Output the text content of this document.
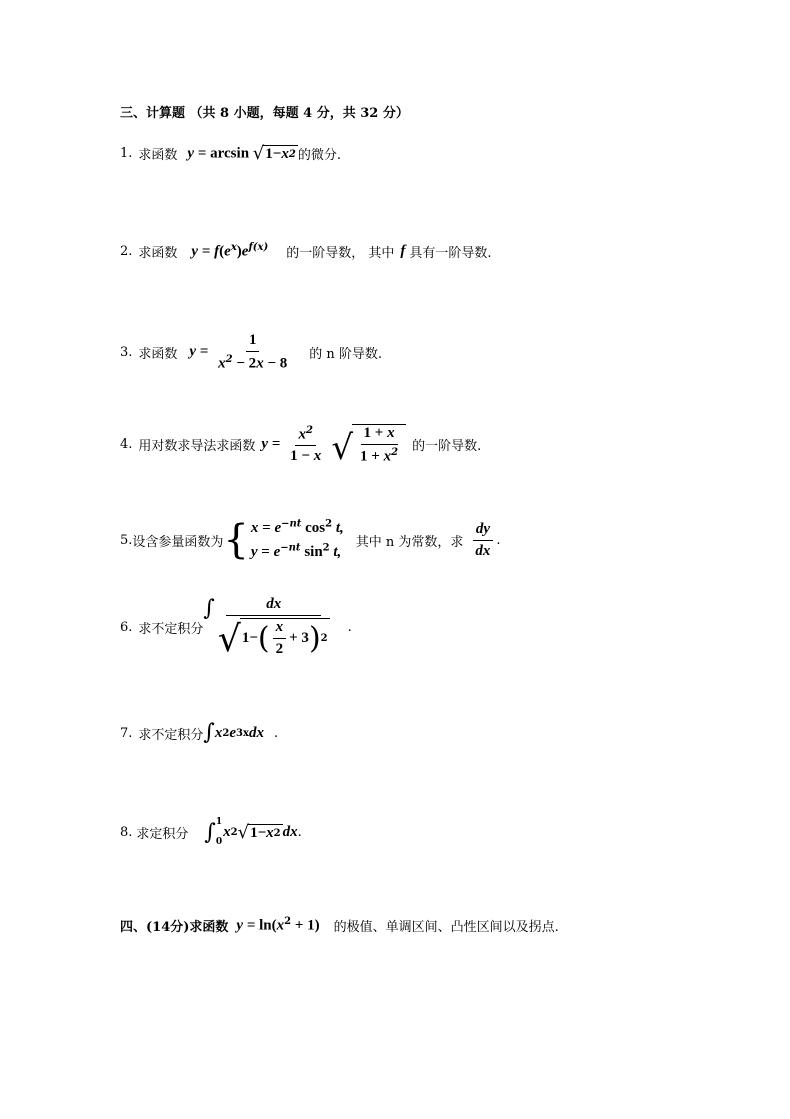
三、计算题 （共 8 小题，每题 4 分，共 32 分）
1. 求函数 y = arcsin √ 1− x 2 的微分.
2. 求函数 $y = f(e^x)e^{f(x)}$ 的一阶导数， 其中 f 具有一阶导数.
3. 求函数 $y = \frac{1}{x^2 - 2x - 8}$ 的 n 阶导数.
4. 用对数求导法求函数 $y = \frac{x^2}{1 - x}$
√ $\frac{1 + x}{1 + x^2}$ 的一阶导数.
5. 设含参量函数为 { $x = e^{-nt}$ $\cos^2 t$,
$y = e^{-nt}$ $\sin^2 t$,
其中 n 为常数，求 $\frac{dy}{dx}$ .
6. 求不定积分
∫	dx
√ 1− ( $\frac{x}{2} + 3$ ) 2
.
7. 求不定积分 ∫ x 2 e 3x dx .
8. 求定积分 ∫ 1
0
x 2 √ 1− x 2 dx .
四、(14分)求函数 $y = \ln(x^2 + 1)$ 的极值、单调区间、凸性区间以及拐点.
